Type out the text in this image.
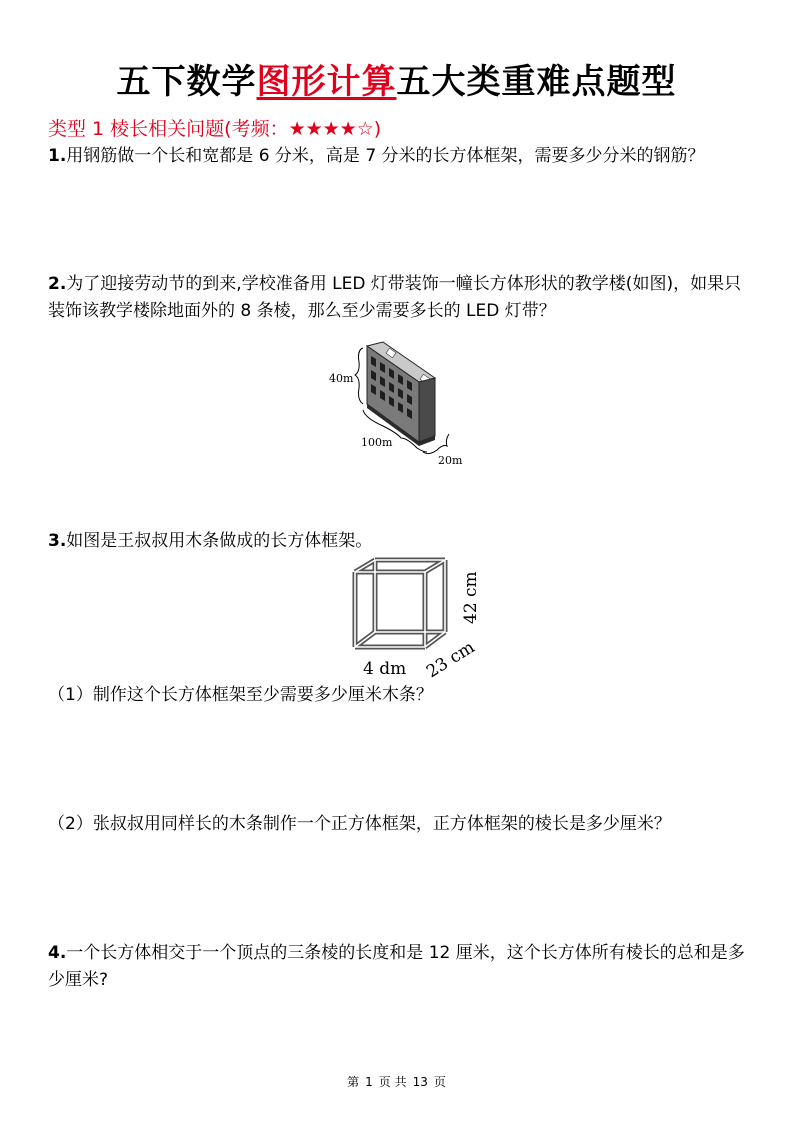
五下数学图形计算五大类重难点题型
类型 1 棱长相关问题(考频：★★★★☆)
1.用钢筋做一个长和宽都是 6 分米，高是 7 分米的长方体框架，需要多少分米的钢筋？
2.为了迎接劳动节的到来,学校准备用 LED 灯带装饰一幢长方体形状的教学楼(如图)，如果只装饰该教学楼除地面外的 8 条棱，那么至少需要多长的 LED 灯带？
40m
100m
20m
3.如图是王叔叔用木条做成的长方体框架。
42 cm
4 dm 23 cm
（1）制作这个长方体框架至少需要多少厘米木条？
（2）张叔叔用同样长的木条制作一个正方体框架，正方体框架的棱长是多少厘米？
4.一个长方体相交于一个顶点的三条棱的长度和是 12 厘米，这个长方体所有棱长的总和是多少厘米?
第 1 页 共 13 页
